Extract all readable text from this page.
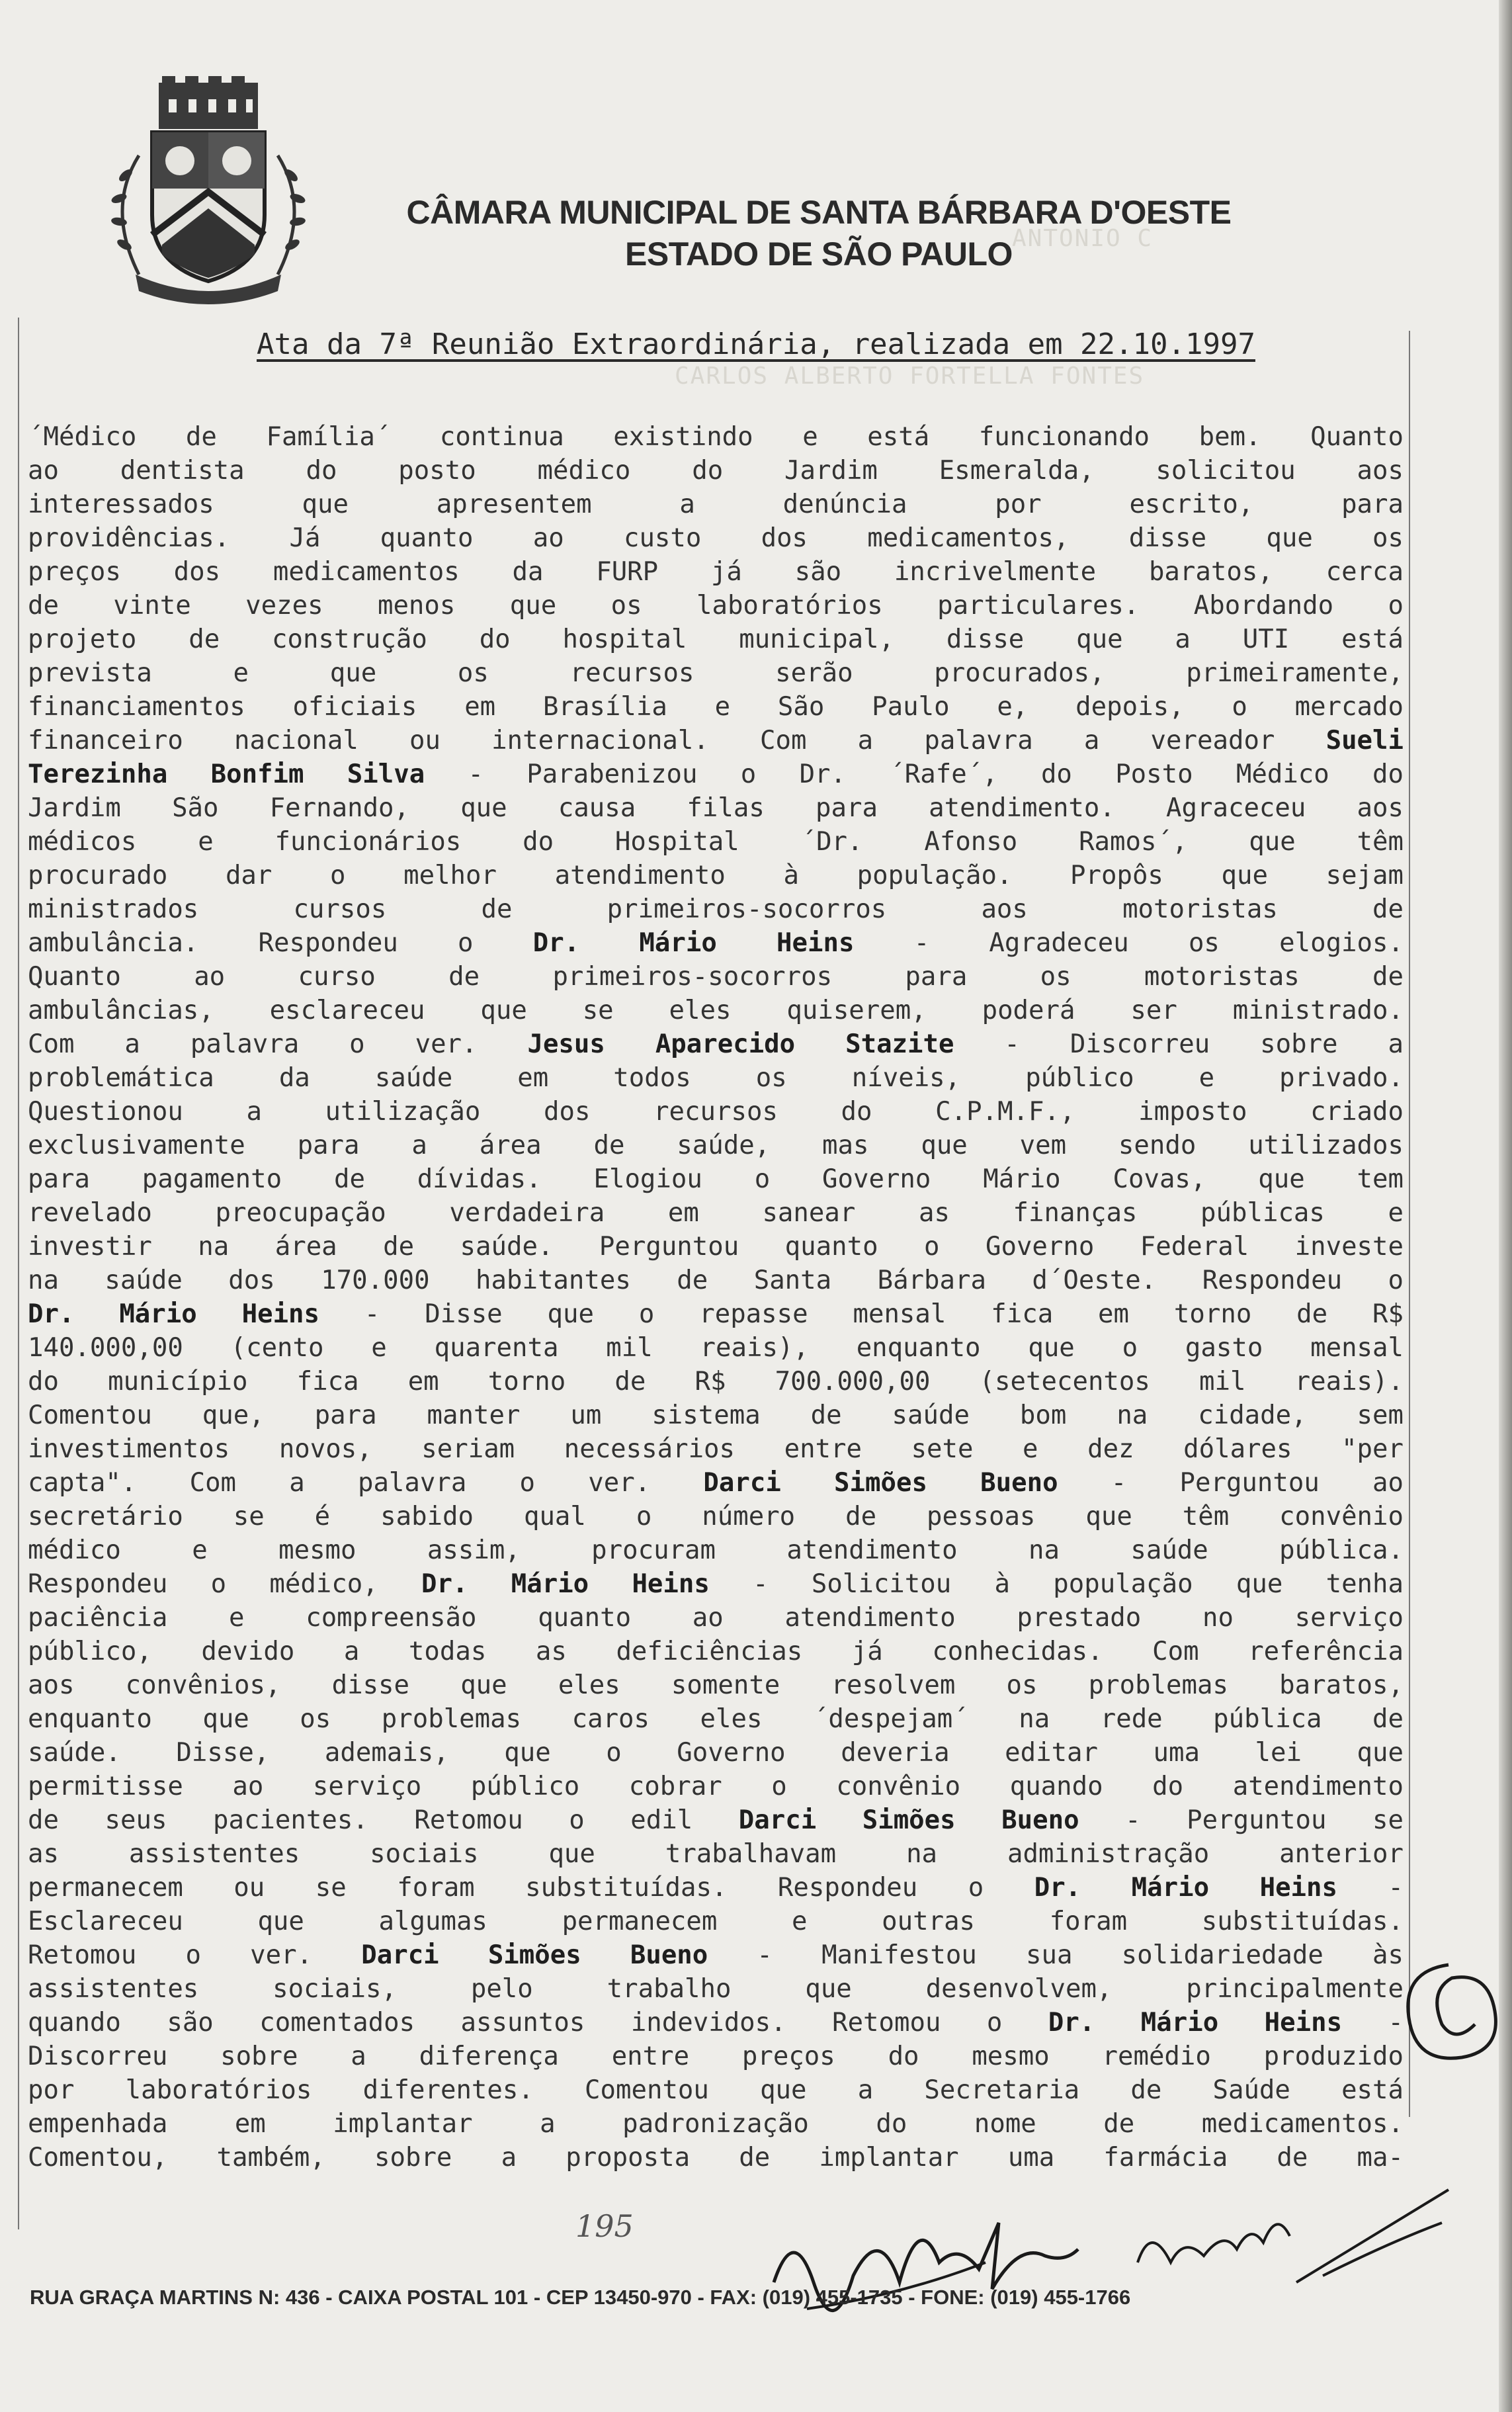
CÂMARA MUNICIPAL DE SANTA BÁRBARA D'OESTE
ESTADO DE SÃO PAULO ANTONIO C
CARLOS ALBERTO FORTELLA FONTES
Ata da 7ª Reunião Extraordinária, realizada em 22.10.1997
´Médico de Família´ continua existindo e está funcionando bem. Quanto
ao dentista do posto médico do Jardim Esmeralda, solicitou aos
interessados que apresentem a denúncia por escrito, para
providências. Já quanto ao custo dos medicamentos, disse que os
preços dos medicamentos da FURP já são incrivelmente baratos, cerca
de vinte vezes menos que os laboratórios particulares. Abordando o
projeto de construção do hospital municipal, disse que a UTI está
prevista e que os recursos serão procurados, primeiramente,
financiamentos oficiais em Brasília e São Paulo e, depois, o mercado
financeiro nacional ou internacional. Com a palavra a vereador Sueli
Terezinha Bonfim Silva - Parabenizou o Dr. ´Rafe´, do Posto Médico do
Jardim São Fernando, que causa filas para atendimento. Agraceceu aos
médicos e funcionários do Hospital ´Dr. Afonso Ramos´, que têm
procurado dar o melhor atendimento à população. Propôs que sejam
ministrados cursos de primeiros-socorros aos motoristas de
ambulância. Respondeu o Dr. Mário Heins - Agradeceu os elogios.
Quanto ao curso de primeiros-socorros para os motoristas de
ambulâncias, esclareceu que se eles quiserem, poderá ser ministrado.
Com a palavra o ver. Jesus Aparecido Stazite - Discorreu sobre a
problemática da saúde em todos os níveis, público e privado.
Questionou a utilização dos recursos do C.P.M.F., imposto criado
exclusivamente para a área de saúde, mas que vem sendo utilizados
para pagamento de dívidas. Elogiou o Governo Mário Covas, que tem
revelado preocupação verdadeira em sanear as finanças públicas e
investir na área de saúde. Perguntou quanto o Governo Federal investe
na saúde dos 170.000 habitantes de Santa Bárbara d´Oeste. Respondeu o
Dr. Mário Heins - Disse que o repasse mensal fica em torno de R$
140.000,00 (cento e quarenta mil reais), enquanto que o gasto mensal
do município fica em torno de R$ 700.000,00 (setecentos mil reais).
Comentou que, para manter um sistema de saúde bom na cidade, sem
investimentos novos, seriam necessários entre sete e dez dólares "per
capta". Com a palavra o ver. Darci Simões Bueno - Perguntou ao
secretário se é sabido qual o número de pessoas que têm convênio
médico e mesmo assim, procuram atendimento na saúde pública.
Respondeu o médico, Dr. Mário Heins - Solicitou à população que tenha
paciência e compreensão quanto ao atendimento prestado no serviço
público, devido a todas as deficiências já conhecidas. Com referência
aos convênios, disse que eles somente resolvem os problemas baratos,
enquanto que os problemas caros eles ´despejam´ na rede pública de
saúde. Disse, ademais, que o Governo deveria editar uma lei que
permitisse ao serviço público cobrar o convênio quando do atendimento
de seus pacientes. Retomou o edil Darci Simões Bueno - Perguntou se
as assistentes sociais que trabalhavam na administração anterior
permanecem ou se foram substituídas. Respondeu o Dr. Mário Heins -
Esclareceu que algumas permanecem e outras foram substituídas.
Retomou o ver. Darci Simões Bueno - Manifestou sua solidariedade às
assistentes sociais, pelo trabalho que desenvolvem, principalmente
quando são comentados assuntos indevidos. Retomou o Dr. Mário Heins -
Discorreu sobre a diferença entre preços do mesmo remédio produzido
por laboratórios diferentes. Comentou que a Secretaria de Saúde está
empenhada em implantar a padronização do nome de medicamentos.
Comentou, também, sobre a proposta de implantar uma farmácia de ma-
195
RUA GRAÇA MARTINS N: 436 - CAIXA POSTAL 101 - CEP 13450-970 - FAX: (019) 455-1735 - FONE: (019) 455-1766
